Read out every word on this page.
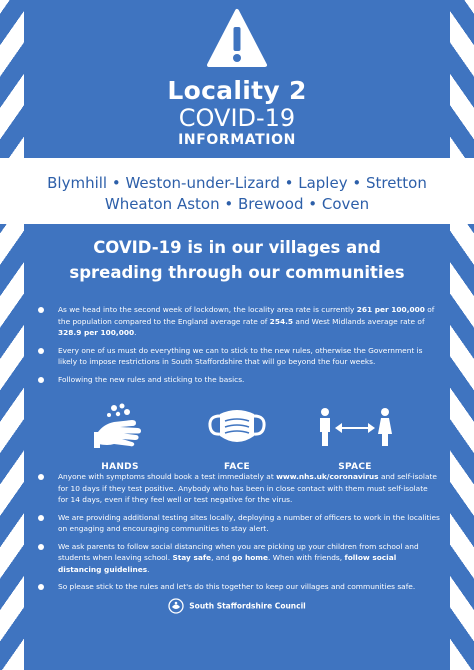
Locality 2
COVID-19
INFORMATION
Blymhill • Weston-under-Lizard • Lapley • Stretton
Wheaton Aston • Brewood • Coven
COVID-19 is in our villages and
spreading through our communities
As we head into the second week of lockdown, the locality area rate is currently 261 per 100,000 of the population compared to the England average rate of 254.5 and West Midlands average rate of 328.9 per 100,000.
Every one of us must do everything we can to stick to the new rules, otherwise the Government is likely to impose restrictions in South Staffordshire that will go beyond the four weeks.
Following the new rules and sticking to the basics.
HANDS	FACE	SPACE
Anyone with symptoms should book a test immediately at www.nhs.uk/coronavirus and self-isolate for 10 days if they test positive. Anybody who has been in close contact with them must self-isolate for 14 days, even if they feel well or test negative for the virus.
We are providing additional testing sites locally, deploying a number of officers to work in the localities on engaging and encouraging communities to stay alert.
We ask parents to follow social distancing when you are picking up your children from school and students when leaving school. Stay safe, and go home. When with friends, follow social distancing guidelines.
So please stick to the rules and let's do this together to keep our villages and communities safe.
South Staffordshire Council
